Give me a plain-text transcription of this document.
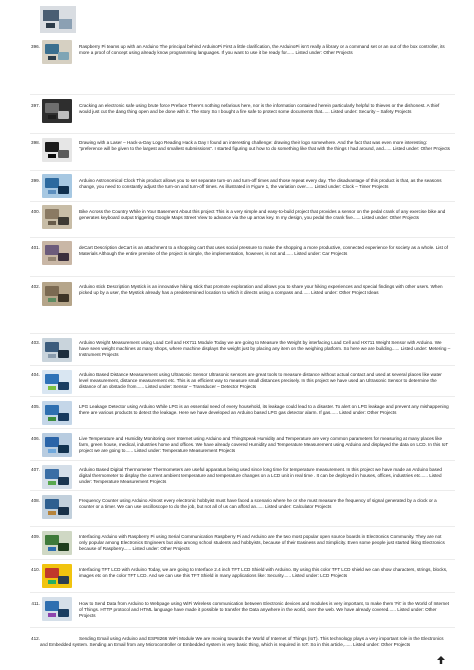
396.	Raspberry Pi teams up with an Arduino The principal behind ArduinoPi First a little clarification, the ArduinoPi isn't really a library or a command set or an out of the box controller, its more a proof of concept using already know programming languages. If you want to use it be ready for...... Listed under: Other Projects
397.	Cracking an electronic safe using brute force Preface There's nothing nefarious here, nor is the information contained herein particularly helpful to thieves or the dishonest. A thief would just cut the dang thing open and be done with it. The story So I bought a fire safe to protect some documents that...... Listed under: Security – Safety Projects
398.	Drawing with a Laser – Hack-a-Day Logo Reading Hack a Day I found an interesting challenge: drawing their logo somewhere. And the fact that was even more interesting: "preference will be given to the largest and smallest submissions". I started figuring out how to do something like that with the things I had around, and...... Listed under: Other Projects
399.	Arduino Astronomical Clock This product allows you to set separate turn-on and turn-off times and those repeat every day. The disadvantage of this product is that, as the seasons change, you need to constantly adjust the turn-on and turn-off times. As illustrated in Figure 1, the variation over...... Listed under: Clock – Timer Projects
400.	Bike Across the Country While in Your Basement About this project This is a very simple and easy-to-build project that provides a sensor on the pedal crank of any exercise bike and generates keyboard output triggering Google Maps Street View to advance via the up arrow key. In my design, you pedal the crank five...... Listed under: Other Projects
401.	deCart Description deCart is an attachment to a shopping cart that uses social pressure to make the shopping a more productive, connected experience for society as a whole. List of Materials Although the entire premise of the project is simple, the implementation, however, is not and...... Listed under: Car Projects
402.	Arduino stick Description Mystick is an innovative hiking stick that promote exploration and allows you to share your hiking experiences and special findings with other users. When picked up by a user, the Mystick already has a predetermined location to which it directs using a compass and...... Listed under: Other Project Ideas
403.	Arduino Weight Measurement using Load Cell and HX711 Module Today we are going to Measure the Weight by interfacing Load Cell and HX711 Weight Sensor with Arduino. We have seen weight machines at many shops, where machine displays the weight just by placing any item on the weighing platform. So here we are building...... Listed under: Metering – Instrument Projects
404.	Arduino Based Distance Measurement using Ultrasonic Sensor Ultrasonic sensors are great tools to measure distance without actual contact and used at several places like water level measurement, distance measurement etc. This is an efficient way to measure small distances precisely. In this project we have used an Ultrasonic Sensor to determine the distance of an obstacle from...... Listed under: Sensor – Transducer – Detector Projects
405.	LPG Leakage Detector using Arduino While LPG is an essential need of every household, its leakage could lead to a disaster. To alert on LPG leakage and prevent any mishappening there are various products to detect the leakage. Here we have developed an Arduino based LPG gas detector alarm. If gas...... Listed under: Other Projects
406.	Live Temperature and Humidity Monitoring over Internet using Arduino and ThingSpeak Humidity and Temperature are very common parameters for measuring at many places like farm, green house, medical, industries home and offices. We have already covered Humidity and Temperature Measurement using Arduino and displayed the data on LCD. In this IoT project we are going to...... Listed under: Temperature Measurement Projects
407.	Arduino Based Digital Thermometer Thermometers are useful apparatus being used since long time for temperature measurement. In this project we have made an Arduino based digital thermometer to display the current ambient temperature and temperature changes on a LCD unit in real time . It can be deployed in houses, offices, industries etc...... Listed under: Temperature Measurement Projects
408.	Frequency Counter using Arduino Almost every electronic hobbyist must have faced a scenario where he or she must measure the frequency of signal generated by a clock or a counter or a timer. We can use oscilloscope to do the job, but not all of us can afford an...... Listed under: Calculator Projects
409.	Interfacing Arduino with Raspberry Pi using Serial Communication Raspberry Pi and Arduino are the two most popular open source boards in Electronics Community. They are not only popular among Electronics Engineers but also among school students and hobbyists, because of their Easiness and Simplicity. Even some people just started liking Electronics because of Raspberry...... Listed under: Other Projects
410.	Interfacing TFT LCD with Arduino Today, we are going to Interface 2.4 inch TFT LCD Shield with Arduino. By using this color TFT LCD shield we can show characters, strings, blocks, images etc on the color TFT LCD. And we can use this TFT Shield in many applications like: Security...... Listed under: LCD Projects
411.	How to Send Data from Arduino to Webpage using WiFi Wireless communication between Electronic devices and modules is very important, to make them 'Fit' in the World of Internet of Things. HTTP protocol and HTML language have made it possible to transfer the Data anywhere in the world, over the web. We have already covered...... Listed under: Other Projects
412.	Sending Email using Arduino and ESP8266 WiFi Module We are moving towards the World of Internet of Things (IoT). This technology plays a very important role in the Electronics and Embedded system. Sending an Email from any Microcontroller or Embedded system is very basic thing, which is required in IoT. So in this article,...... Listed under: Other Projects
